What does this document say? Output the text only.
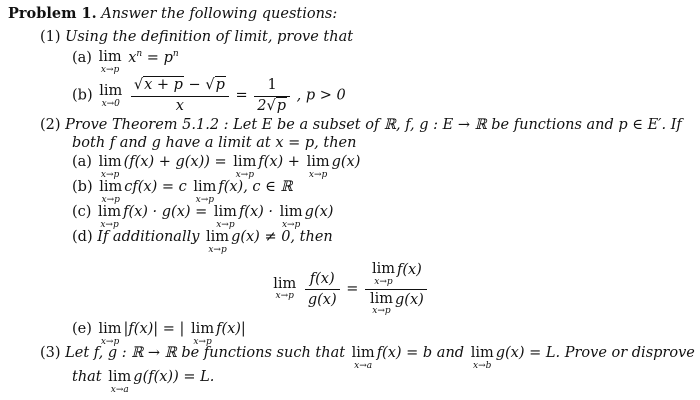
Problem 1. Answer the following questions:
(1) Using the definition of limit, prove that
(a) lim
x→p
$x^n = p^n$
(b) lim
x→0
$\frac{√x + p - √p}{x} = \frac{1}{2√p}$ , p > 0
(2) Prove Theorem 5.1.2 : Let E be a subset of ℝ, f, g : E → ℝ be functions and p ∈ E′. If
both f and g have a limit at x = p, then
(a) lim
x→p
(f(x) + g(x)) = lim
x→p
f(x) + lim
x→p
g(x)
(b) lim
x→p
cf(x) = c lim
x→p
f(x), c ∈ ℝ
(c) lim
x→p
f(x) · g(x) = lim
x→p
f(x) · lim
x→p
g(x)
(d) If additionally lim
x→p
g(x) ≠ 0, then
lim
x→p
$\frac{f(x)}{g(x)} = \lim$
x→p
f(x)
lim
x→p
g(x)
(e) lim
x→p
|f(x)| = | lim
x→p
f(x)|
(3) Let f, g : ℝ → ℝ be functions such that lim
x→a
f(x) = b and lim
x→b
g(x) = L. Prove or disprove
that lim
x→a
g(f(x)) = L.
